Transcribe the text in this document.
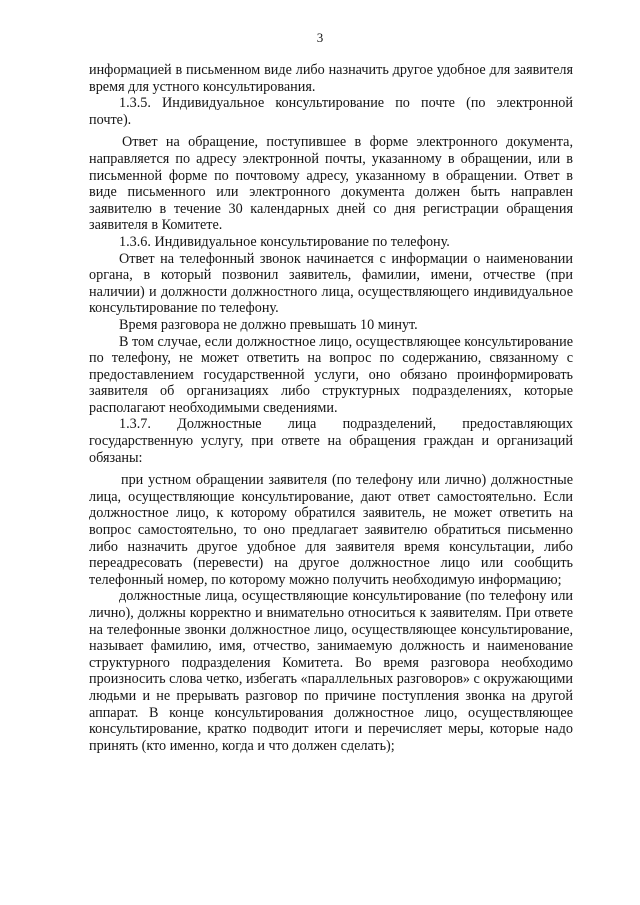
3

информацией в письменном виде либо назначить другое удобное для заявителя время для устного консультирования.

1.3.5. Индивидуальное консультирование по почте (по электронной почте).

Ответ на обращение, поступившее в форме электронного документа, направляется по адресу электронной почты, указанному в обращении, или в письменной форме по почтовому адресу, указанному в обращении. Ответ в виде письменного или электронного документа должен быть направлен заявителю в течение 30 календарных дней со дня регистрации обращения заявителя в Комитете.

1.3.6. Индивидуальное консультирование по телефону.

Ответ на телефонный звонок начинается с информации о наименовании органа, в который позвонил заявитель, фамилии, имени, отчестве (при наличии) и должности должностного лица, осуществляющего индивидуальное консультирование по телефону.

Время разговора не должно превышать 10 минут.

В том случае, если должностное лицо, осуществляющее консультирование по телефону, не может ответить на вопрос по содержанию, связанному с предоставлением государственной услуги, оно обязано проинформировать заявителя об организациях либо структурных подразделениях, которые располагают необходимыми сведениями.

1.3.7. Должностные лица подразделений, предоставляющих государственную услугу, при ответе на обращения граждан и организаций обязаны:

при устном обращении заявителя (по телефону или лично) должностные лица, осуществляющие консультирование, дают ответ самостоятельно. Если должностное лицо, к которому обратился заявитель, не может ответить на вопрос самостоятельно, то оно предлагает заявителю обратиться письменно либо назначить другое удобное для заявителя время консультации, либо переадресовать (перевести) на другое должностное лицо или сообщить телефонный номер, по которому можно получить необходимую информацию;

должностные лица, осуществляющие консультирование (по телефону или лично), должны корректно и внимательно относиться к заявителям. При ответе на телефонные звонки должностное лицо, осуществляющее консультирование, называет фамилию, имя, отчество, занимаемую должность и наименование структурного подразделения Комитета. Во время разговора необходимо произносить слова четко, избегать «параллельных разговоров» с окружающими людьми и не прерывать разговор по причине поступления звонка на другой аппарат. В конце консультирования должностное лицо, осуществляющее консультирование, кратко подводит итоги и перечисляет меры, которые надо принять (кто именно, когда и что должен сделать);
